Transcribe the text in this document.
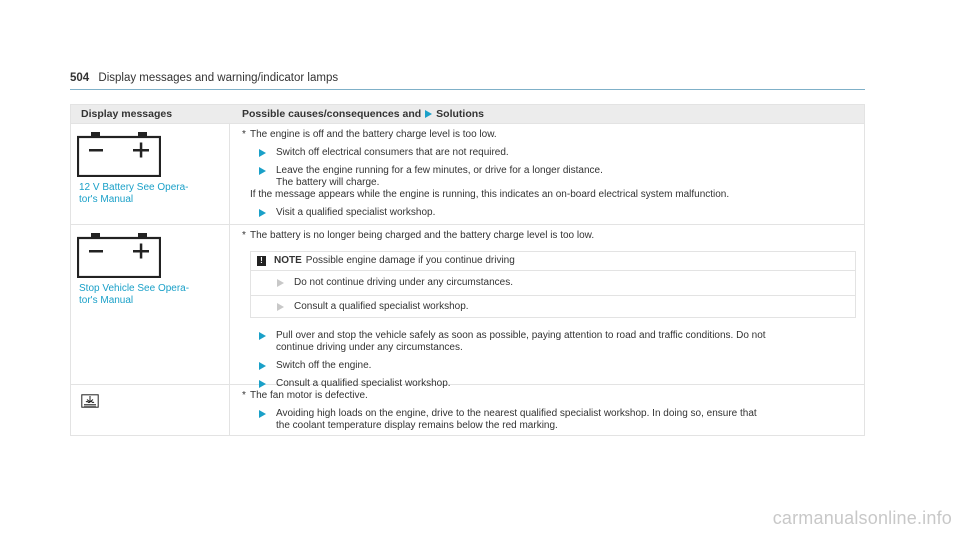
504 Display messages and warning/indicator lamps
Display messages	Possible causes/consequences and Solutions
12 V Battery See Opera-
tor's Manual
* The engine is off and the battery charge level is too low.
Switch off electrical consumers that are not required.
Leave the engine running for a few minutes, or drive for a longer distance.
The battery will charge.
If the message appears while the engine is running, this indicates an on-board electrical system malfunction.
Visit a qualified specialist workshop.
Stop Vehicle See Opera-
tor's Manual
* The battery is no longer being charged and the battery charge level is too low.
!	NOTE Possible engine damage if you continue driving
Do not continue driving under any circumstances.
Consult a qualified specialist workshop.
Pull over and stop the vehicle safely as soon as possible, paying attention to road and traffic conditions. Do not
continue driving under any circumstances.
Switch off the engine.
Consult a qualified specialist workshop.
* The fan motor is defective.
Avoiding high loads on the engine, drive to the nearest qualified specialist workshop. In doing so, ensure that
the coolant temperature display remains below the red marking.
carmanualsonline.info
